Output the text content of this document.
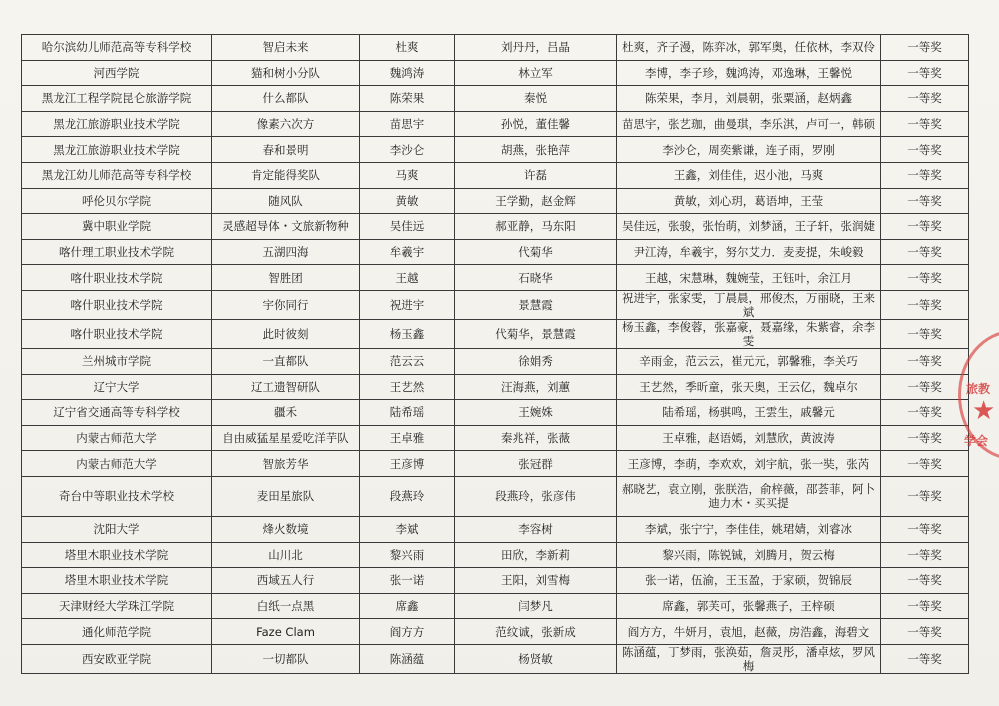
哈尔滨幼儿师范高等专科学校	智启未来	杜爽	刘丹丹，吕晶	杜爽，齐子漫，陈弈冰，郭军奥，任依林，李双伶	一等奖
河西学院	猫和树小分队	魏鸿涛	林立军	李博，李子珍，魏鸿涛，邓逸琳，王馨悦	一等奖
黑龙江工程学院昆仑旅游学院	什么都队	陈荣果	秦悦	陈荣果，李月，刘晨朝，张粟涵，赵炳鑫	一等奖
黑龙江旅游职业技术学院	像素六次方	苗思宇	孙悦，董佳馨	苗思宇，张艺珈，曲曼琪，李乐淇，卢可一，韩硕	一等奖
黑龙江旅游职业技术学院	春和景明	李沙仑	胡燕，张艳萍	李沙仑，周奕紫谦，连子雨，罗刚	一等奖
黑龙江幼儿师范高等专科学校	肯定能得奖队	马爽	许磊	王鑫，刘佳佳，迟小池，马爽	一等奖
呼伦贝尔学院	随风队	黄敏	王学勤，赵金辉	黄敏，刘心玥，葛语坤，王莹	一等奖
冀中职业学院	灵感超导体・文旅新物种	吴佳远	郝亚静，马东阳	吴佳远，张骏，张怡萌，刘梦涵，王子轩，张润婕	一等奖
喀什理工职业技术学院	五湖四海	牟羲宇	代菊华	尹江涛，牟羲宇，努尔艾力．麦麦提，朱峻毅	一等奖
喀什职业技术学院	智胜团	王越	石晓华	王越，宋慧琳，魏婉莹，王钰叶，余江月	一等奖
喀什职业技术学院	宇你同行	祝进宇	景慧霞	祝进宇，张家雯，丁晨晨，邢俊杰，万丽晓，王来斌	一等奖
喀什职业技术学院	此时彼刻	杨玉鑫	代菊华，景慧霞	杨玉鑫，李俊蓉，张嘉豪，聂嘉缘，朱紫睿，余李雯	一等奖
兰州城市学院	一直都队	范云云	徐娟秀	辛雨金，范云云，崔元元，郭馨雅，李关巧	一等奖
辽宁大学	辽工遗智研队	王艺然	汪海燕，刘蕙	王艺然，季昕童，张天奥，王云亿，魏卓尔	一等奖
辽宁省交通高等专科学校	疆禾	陆希瑶	王婉姝	陆希瑶，杨骐鸣，王雲生，戚馨元	一等奖
内蒙古师范大学	自由威猛星星爱吃洋芋队	王卓雅	秦兆祥，张薇	王卓雅，赵语嫣，刘慧欣，黄波涛	一等奖
内蒙古师范大学	智旅芳华	王彦博	张冠群	王彦博，李萌，李欢欢，刘宇航，张一奘，张芮	一等奖
奇台中等职业技术学校	麦田星旅队	段燕玲	段燕玲，张彦伟	郝晓艺，袁立刚，张朕浩，俞梓薇，邵荟菲，阿卜迪力木・买买提	一等奖
沈阳大学	烽火数境	李斌	李容树	李斌，张宁宁，李佳佳，姚珺婧，刘睿冰	一等奖
塔里木职业技术学院	山川北	黎兴雨	田欣，李新莉	黎兴雨，陈锐铖，刘腾月，贺云梅	一等奖
塔里木职业技术学院	西域五人行	张一诺	王阳，刘雪梅	张一诺，伍渝，王玉盈，于家硕，贺锦辰	一等奖
天津财经大学珠江学院	白纸一点黑	席鑫	闫梦凡	席鑫，郭芙可，张馨燕子，王梓硕	一等奖
通化师范学院	Faze Clam	阎方方	范纹诚，张新成	阎方方，牛妍月，袁旭，赵薇，房浩鑫，海碧文	一等奖
西安欧亚学院	一切都队	陈涵蕴	杨贤敏	陈涵蕴，丁梦雨，张涣茹，詹灵彤，潘卓炫，罗风梅	一等奖
旅教
★
学会
